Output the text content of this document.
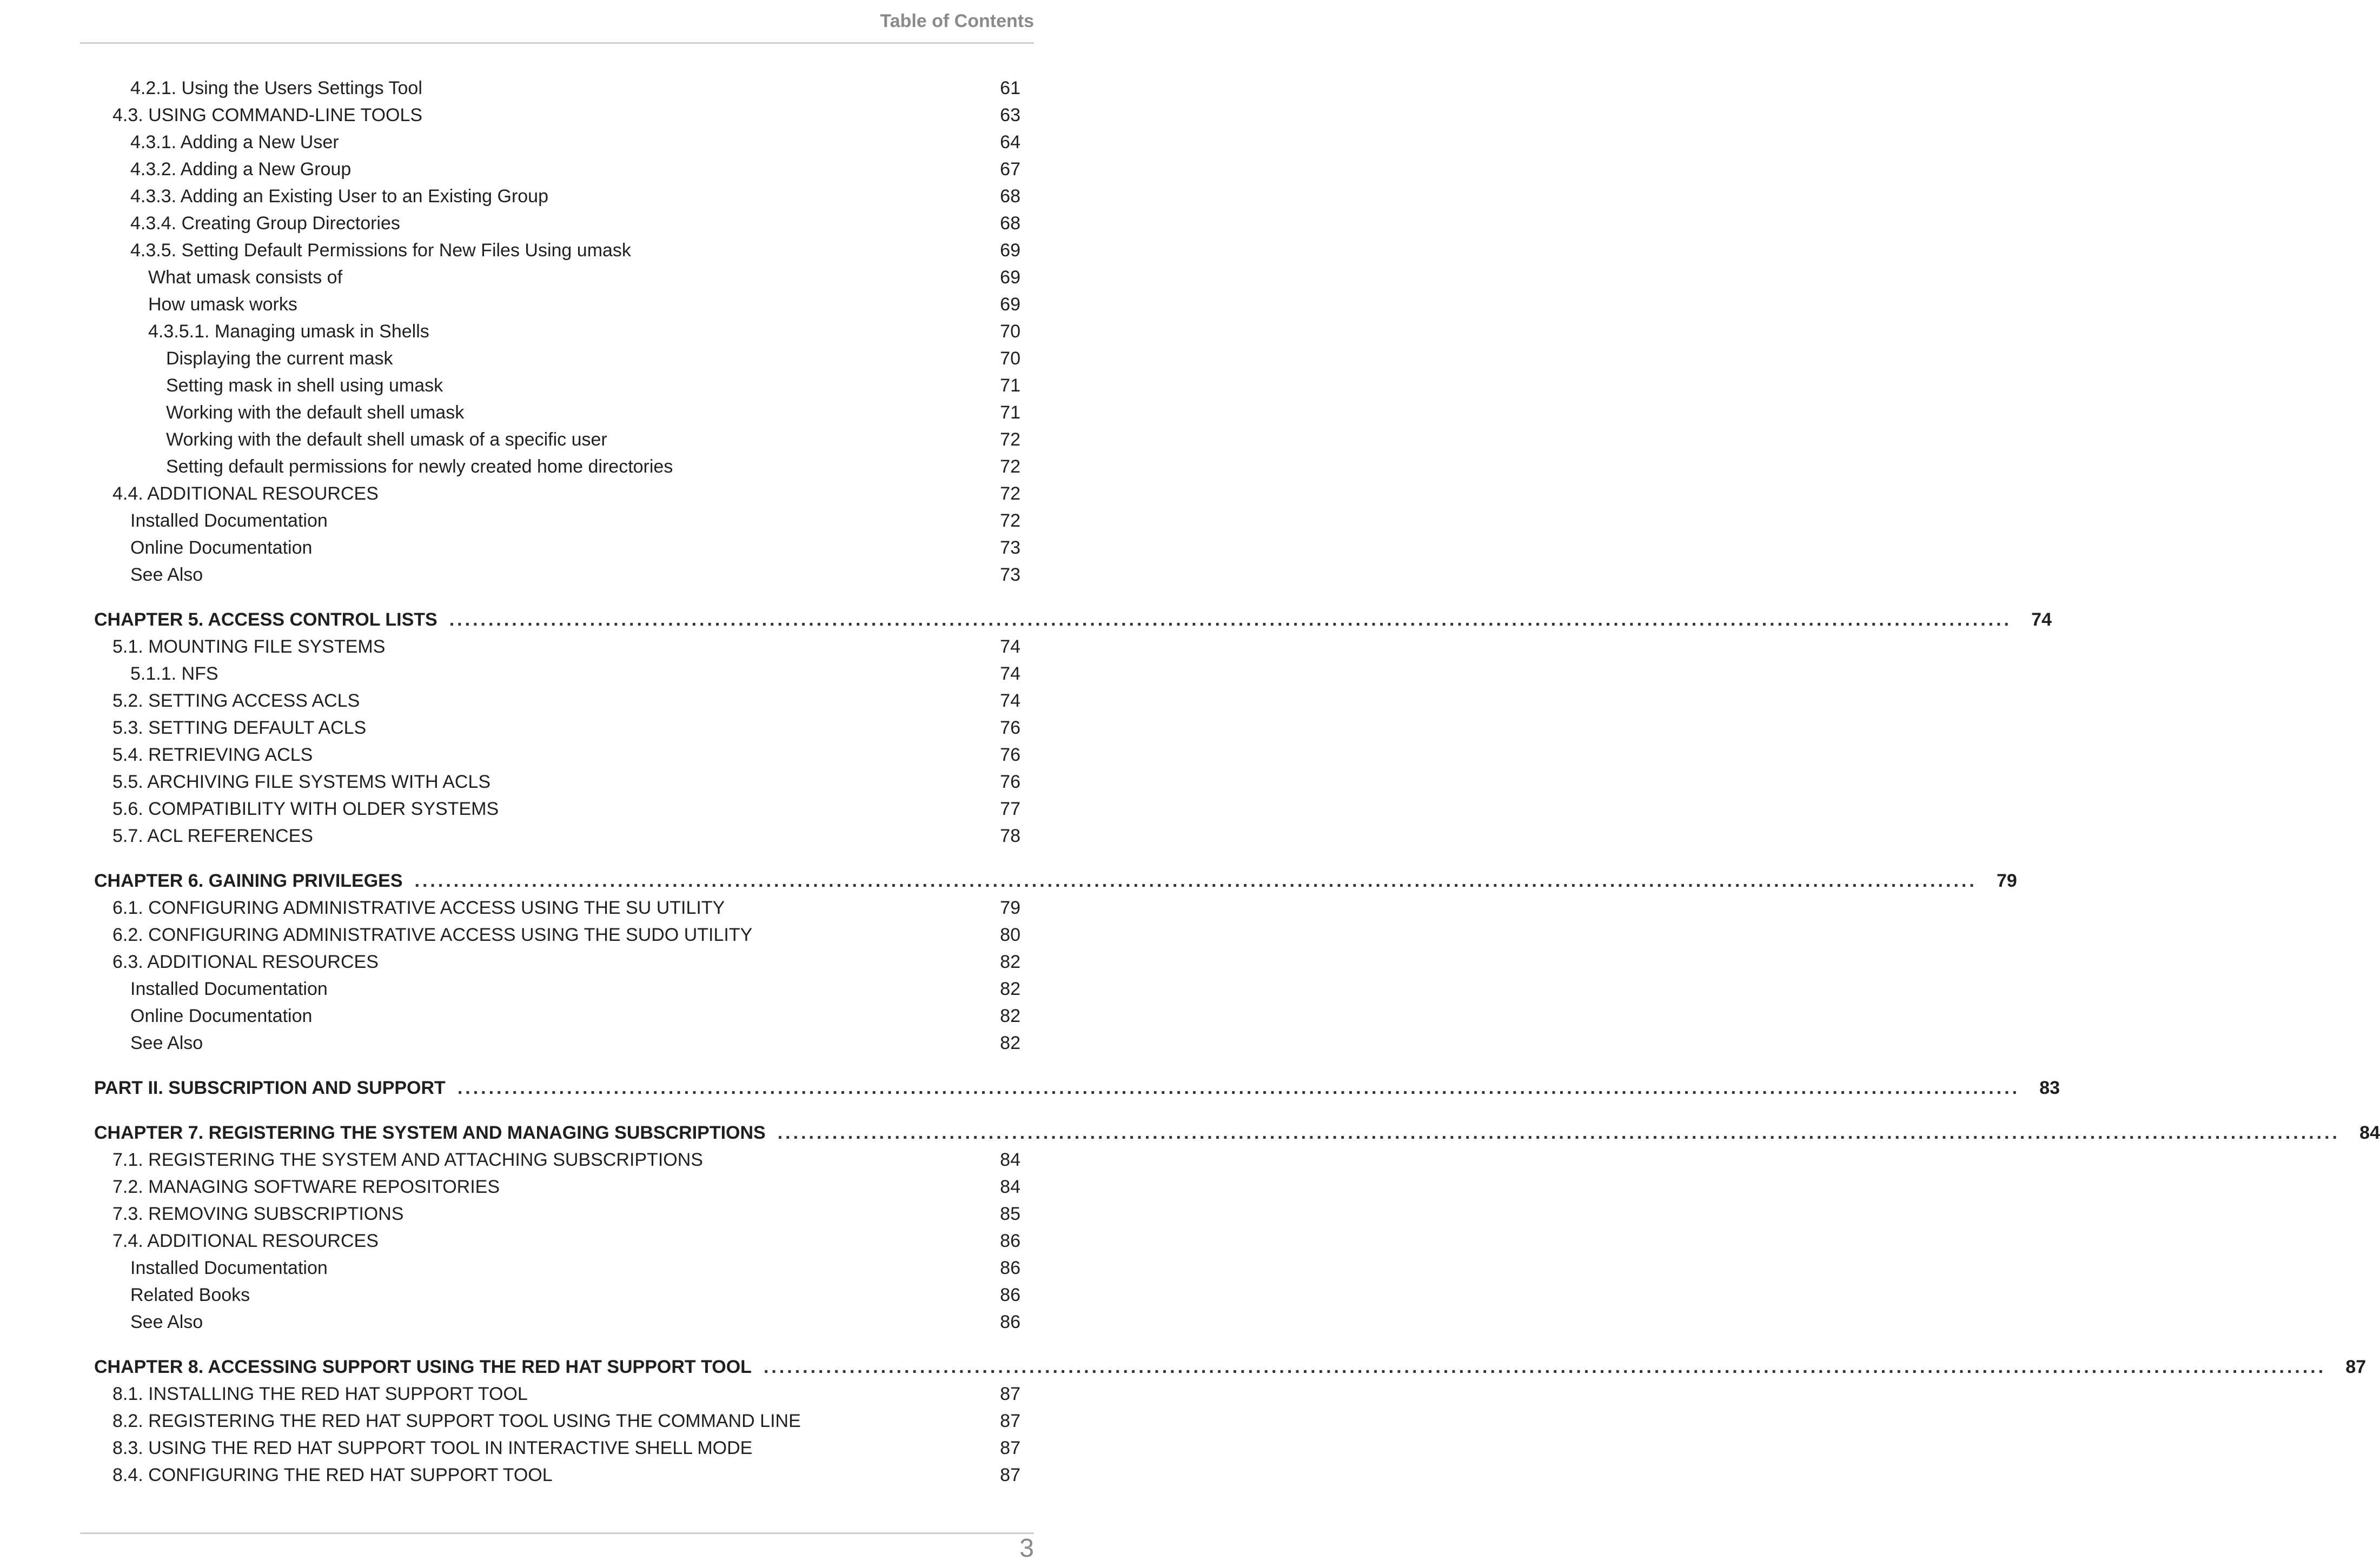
Table of Contents
4.2.1. Using the Users Settings Tool	61
4.3. USING COMMAND-LINE TOOLS	63
4.3.1. Adding a New User	64
4.3.2. Adding a New Group	67
4.3.3. Adding an Existing User to an Existing Group	68
4.3.4. Creating Group Directories	68
4.3.5. Setting Default Permissions for New Files Using umask	69
What umask consists of	69
How umask works	69
4.3.5.1. Managing umask in Shells	70
Displaying the current mask	70
Setting mask in shell using umask	71
Working with the default shell umask	71
Working with the default shell umask of a specific user	72
Setting default permissions for newly created home directories	72
4.4. ADDITIONAL RESOURCES	72
Installed Documentation	72
Online Documentation	73
See Also	73
CHAPTER 5. ACCESS CONTROL LISTS ........................................................................................................................................................................................................	74
5.1. MOUNTING FILE SYSTEMS	74
5.1.1. NFS	74
5.2. SETTING ACCESS ACLS	74
5.3. SETTING DEFAULT ACLS	76
5.4. RETRIEVING ACLS	76
5.5. ARCHIVING FILE SYSTEMS WITH ACLS	76
5.6. COMPATIBILITY WITH OLDER SYSTEMS	77
5.7. ACL REFERENCES	78
CHAPTER 6. GAINING PRIVILEGES ........................................................................................................................................................................................................	79
6.1. CONFIGURING ADMINISTRATIVE ACCESS USING THE SU UTILITY	79
6.2. CONFIGURING ADMINISTRATIVE ACCESS USING THE SUDO UTILITY	80
6.3. ADDITIONAL RESOURCES	82
Installed Documentation	82
Online Documentation	82
See Also	82
PART II. SUBSCRIPTION AND SUPPORT ........................................................................................................................................................................................................	83
CHAPTER 7. REGISTERING THE SYSTEM AND MANAGING SUBSCRIPTIONS ........................................................................................................................................................................................................	84
7.1. REGISTERING THE SYSTEM AND ATTACHING SUBSCRIPTIONS	84
7.2. MANAGING SOFTWARE REPOSITORIES	84
7.3. REMOVING SUBSCRIPTIONS	85
7.4. ADDITIONAL RESOURCES	86
Installed Documentation	86
Related Books	86
See Also	86
CHAPTER 8. ACCESSING SUPPORT USING THE RED HAT SUPPORT TOOL ........................................................................................................................................................................................................	87
8.1. INSTALLING THE RED HAT SUPPORT TOOL	87
8.2. REGISTERING THE RED HAT SUPPORT TOOL USING THE COMMAND LINE	87
8.3. USING THE RED HAT SUPPORT TOOL IN INTERACTIVE SHELL MODE	87
8.4. CONFIGURING THE RED HAT SUPPORT TOOL	87
3
